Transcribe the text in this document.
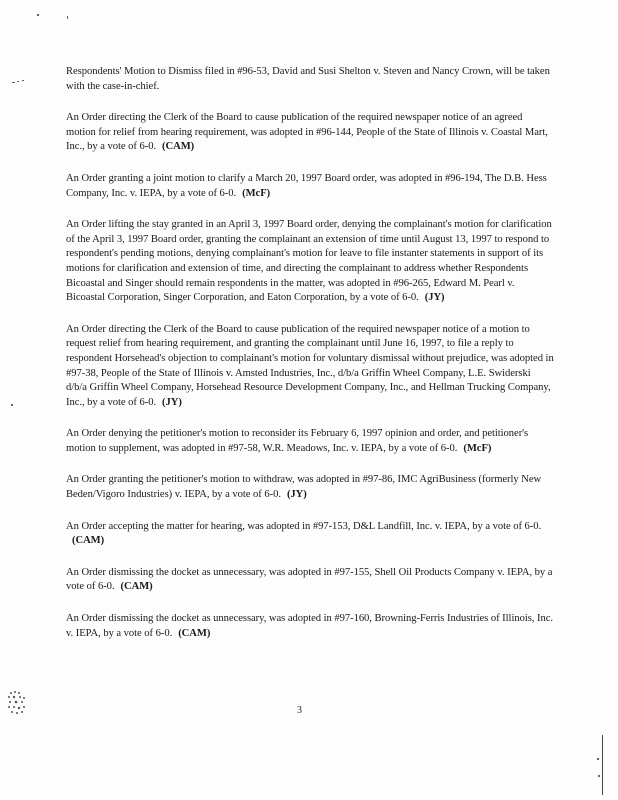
Respondents' Motion to Dismiss filed in #96-53, David and Susi Shelton v. Steven and Nancy Crown, will be taken with the case-in-chief.

An Order directing the Clerk of the Board to cause publication of the required newspaper notice of an agreed motion for relief from hearing requirement, was adopted in #96-144, People of the State of Illinois v. Coastal Mart, Inc., by a vote of 6-0. (CAM)

An Order granting a joint motion to clarify a March 20, 1997 Board order, was adopted in #96-194, The D.B. Hess Company, Inc. v. IEPA, by a vote of 6-0. (McF)

An Order lifting the stay granted in an April 3, 1997 Board order, denying the complainant's motion for clarification of the April 3, 1997 Board order, granting the complainant an extension of time until August 13, 1997 to respond to respondent's pending motions, denying complainant's motion for leave to file instanter statements in support of its motions for clarification and extension of time, and directing the complainant to address whether Respondents Bicoastal and Singer should remain respondents in the matter, was adopted in #96-265, Edward M. Pearl v. Bicoastal Corporation, Singer Corporation, and Eaton Corporation, by a vote of 6-0. (JY)

An Order directing the Clerk of the Board to cause publication of the required newspaper notice of a motion to request relief from hearing requirement, and granting the complainant until June 16, 1997, to file a reply to respondent Horsehead's objection to complainant's motion for voluntary dismissal without prejudice, was adopted in #97-38, People of the State of Illinois v. Amsted Industries, Inc., d/b/a Griffin Wheel Company, L.E. Swiderski d/b/a Griffin Wheel Company, Horsehead Resource Development Company, Inc., and Hellman Trucking Company, Inc., by a vote of 6-0. (JY)

An Order denying the petitioner's motion to reconsider its February 6, 1997 opinion and order, and petitioner's motion to supplement, was adopted in #97-58, W.R. Meadows, Inc. v. IEPA, by a vote of 6-0. (McF)

An Order granting the petitioner's motion to withdraw, was adopted in #97-86, IMC AgriBusiness (formerly New Beden/Vigoro Industries) v. IEPA, by a vote of 6-0. (JY)

An Order accepting the matter for hearing, was adopted in #97-153, D&L Landfill, Inc. v. IEPA, by a vote of 6-0.(CAM)

An Order dismissing the docket as unnecessary, was adopted in #97-155, Shell Oil Products Company v. IEPA, by a vote of 6-0. (CAM)

An Order dismissing the docket as unnecessary, was adopted in #97-160, Browning-Ferris Industries of Illinois, Inc. v. IEPA, by a vote of 6-0. (CAM)

3
